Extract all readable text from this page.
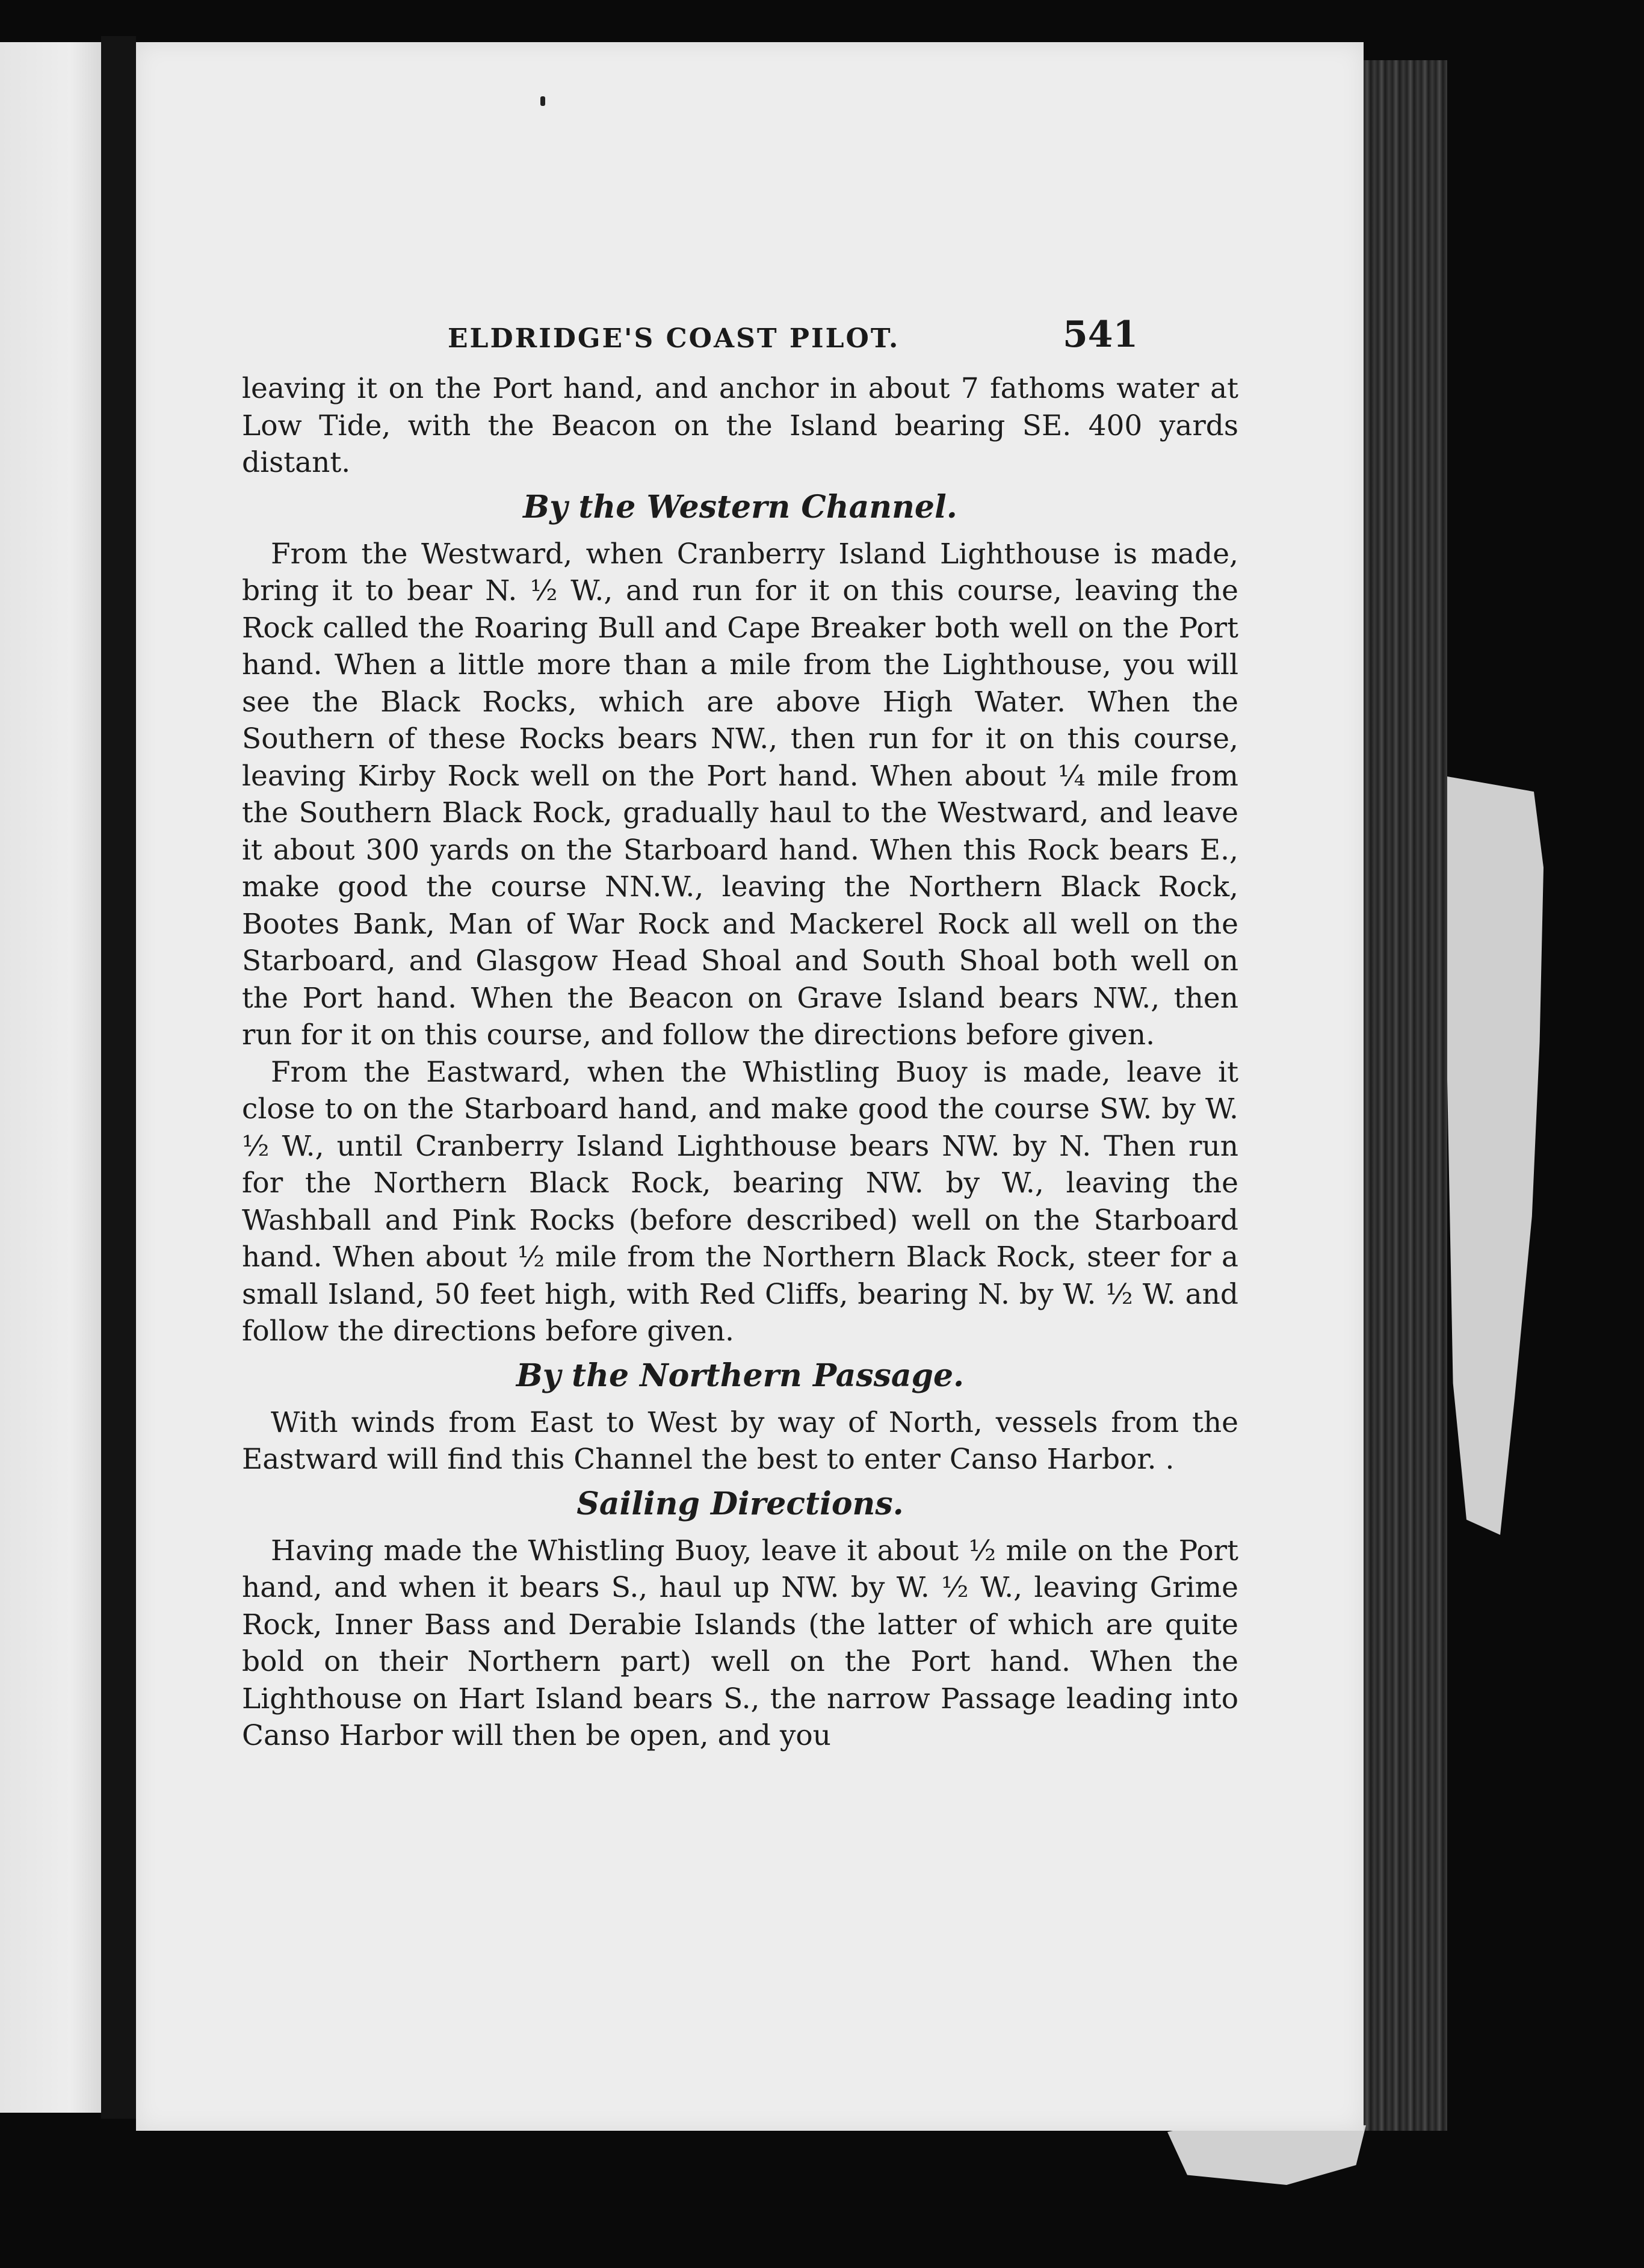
ELDRIDGE'S COAST PILOT.	541

leaving it on the Port hand, and anchor in about 7 fathoms water at Low Tide, with the Beacon on the Island bearing SE. 400 yards distant.

By the Western Channel.

From the Westward, when Cranberry Island Lighthouse is made, bring it to bear N. ½ W., and run for it on this course, leaving the Rock called the Roaring Bull and Cape Breaker both well on the Port hand. When a little more than a mile from the Lighthouse, you will see the Black Rocks, which are above High Water. When the Southern of these Rocks bears NW., then run for it on this course, leaving Kirby Rock well on the Port hand. When about ¼ mile from the Southern Black Rock, gradually haul to the Westward, and leave it about 300 yards on the Starboard hand. When this Rock bears E., make good the course NN.W., leaving the Northern Black Rock, Bootes Bank, Man of War Rock and Mackerel Rock all well on the Starboard, and Glasgow Head Shoal and South Shoal both well on the Port hand. When the Beacon on Grave Island bears NW., then run for it on this course, and follow the directions before given.

From the Eastward, when the Whistling Buoy is made, leave it close to on the Starboard hand, and make good the course SW. by W. ½ W., until Cranberry Island Lighthouse bears NW. by N. Then run for the Northern Black Rock, bearing NW. by W., leaving the Washball and Pink Rocks (before described) well on the Starboard hand. When about ½ mile from the Northern Black Rock, steer for a small Island, 50 feet high, with Red Cliffs, bearing N. by W. ½ W. and follow the directions before given.

By the Northern Passage.

With winds from East to West by way of North, vessels from the Eastward will find this Channel the best to enter Canso Harbor. .

Sailing Directions.

Having made the Whistling Buoy, leave it about ½ mile on the Port hand, and when it bears S., haul up NW. by W. ½ W., leaving Grime Rock, Inner Bass and Derabie Islands (the latter of which are quite bold on their Northern part) well on the Port hand. When the Lighthouse on Hart Island bears S., the narrow Passage leading into Canso Harbor will then be open, and you
